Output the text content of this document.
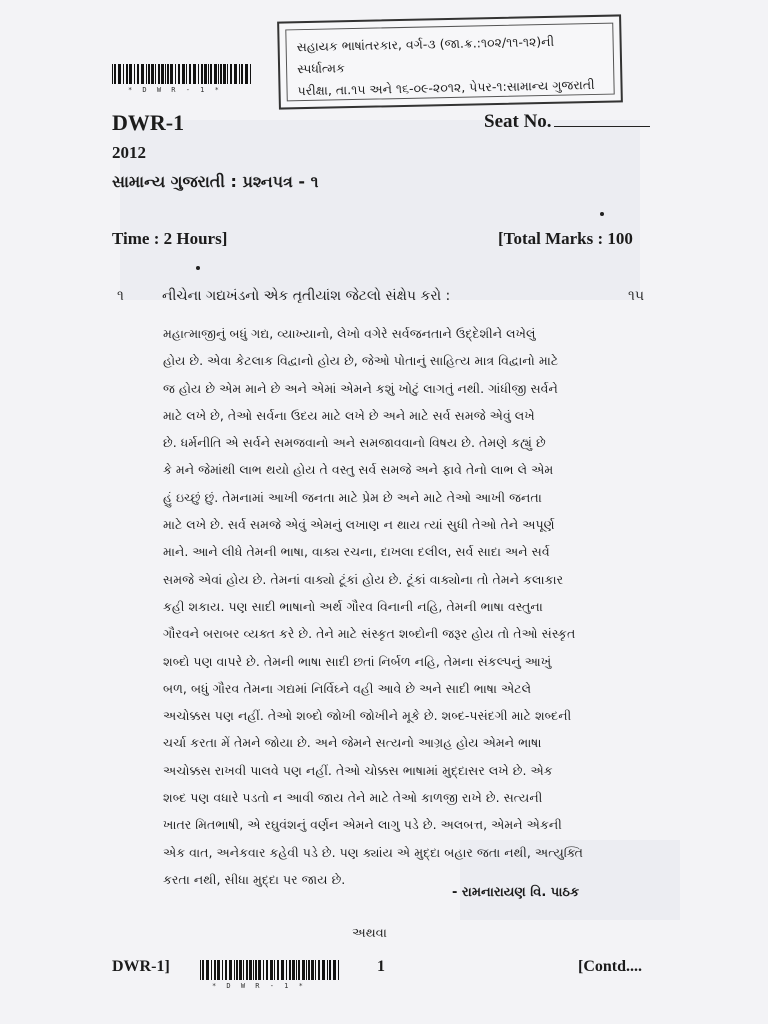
સહાયક ભાષાંતરકાર, વર્ગ-૩ (જા.ક્ર.:૧૦૨/૧૧-૧૨)ની સ્પર્ધાત્મક
પરીક્ષા, તા.૧૫ અને ૧૬-૦૯-૨૦૧૨, પેપર-૧:સામાન્ય ગુજરાતી
* D W R - 1 *
DWR-1	Seat No.
2012
સામાન્ય ગુજરાતી : પ્રશ્નપત્ર - ૧
Time : 2 Hours]	[Total Marks : 100
૧	નીચેના ગદ્યખંડનો એક તૃતીયાંશ જેટલો સંક્ષેપ કરો :	૧૫
મહાત્માજીનું બધું ગદ્ય, વ્યાખ્યાનો, લેખો વગેરે સર્વજનતાને ઉદ્દેશીને લખેલું
હોય છે. એવા કેટલાક વિદ્વાનો હોય છે, જેઓ પોતાનું સાહિત્ય માત્ર વિદ્વાનો માટે
જ હોય છે એમ માને છે અને એમાં એમને કશું ખોટું લાગતું નથી. ગાંધીજી સર્વને
માટે લખે છે, તેઓ સર્વના ઉદય માટે લખે છે અને માટે સર્વ સમજે એવું લખે
છે. ધર્મનીતિ એ સર્વને સમજવાનો અને સમજાવવાનો વિષય છે. તેમણે કહ્યું છે
કે મને જેમાંથી લાભ થયો હોય તે વસ્તુ સર્વ સમજે અને ફાવે તેનો લાભ લે એમ
હું ઇચ્છું છું. તેમનામાં આખી જનતા માટે પ્રેમ છે અને માટે તેઓ આખી જનતા
માટે લખે છે. સર્વ સમજે એવું એમનું લખાણ ન થાય ત્યાં સુધી તેઓ તેને અપૂર્ણ
માને. આને લીધે તેમની ભાષા, વાક્ય રચના, દાખલા દલીલ, સર્વ સાદા અને સર્વ
સમજે એવાં હોય છે. તેમનાં વાક્યો ટૂંકાં હોય છે. ટૂંકાં વાક્યોના તો તેમને કલાકાર
કહી શકાય. પણ સાદી ભાષાનો અર્થ ગૌરવ વિનાની નહિ, તેમની ભાષા વસ્તુના
ગૌરવને બરાબર વ્યક્ત કરે છે. તેને માટે સંસ્કૃત શબ્દોની જરૂર હોય તો તેઓ સંસ્કૃત
શબ્દો પણ વાપરે છે. તેમની ભાષા સાદી છતાં નિર્બળ નહિ, તેમના સંકલ્પનું આખું
બળ, બધું ગૌરવ તેમના ગદ્યમાં નિર્વિઘ્ને વહી આવે છે અને સાદી ભાષા એટલે
અચોક્કસ પણ નહીં. તેઓ શબ્દો જોખી જોખીને મૂકે છે. શબ્દ-પસંદગી માટે શબ્દની
ચર્ચા કરતા મેં તેમને જોયા છે. અને જેમને સત્યનો આગ્રહ હોય એમને ભાષા
અચોક્કસ રાખવી પાલવે પણ નહીં. તેઓ ચોક્કસ ભાષામાં મુદ્દાસર લખે છે. એક
શબ્દ પણ વધારે પડતો ન આવી જાય તેને માટે તેઓ કાળજી રાખે છે. સત્યની
ખાતર મિતભાષી, એ રઘુવંશનું વર્ણન એમને લાગુ પડે છે. અલબત્ત, એમને એકની
એક વાત, અનેકવાર કહેવી પડે છે. પણ ક્યાંય એ મુદ્દા બહાર જતા નથી, અત્યુક્તિ
કરતા નથી, સીધા મુદ્દા પર જાય છે.
- રામનારાયણ વિ. પાઠક
અથવા
DWR-1]
* D W R - 1 *
1	[Contd....
